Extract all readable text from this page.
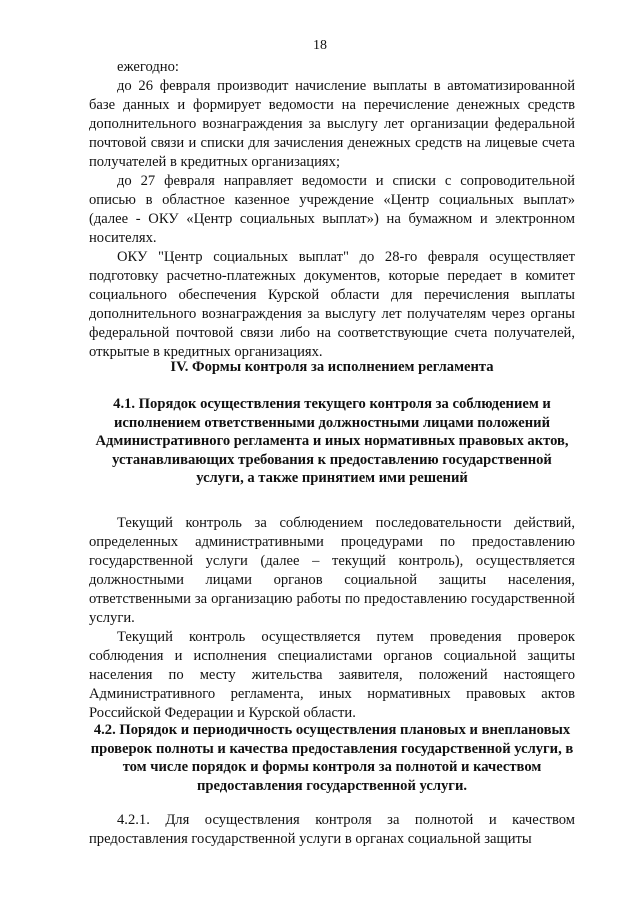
18

ежегодно:

до 26 февраля производит начисление выплаты в автоматизированной базе данных и формирует ведомости на перечисление денежных средств дополнительного вознаграждения за выслугу лет организации федеральной почтовой связи и списки для зачисления денежных средств на лицевые счета получателей в кредитных организациях;

до 27 февраля направляет ведомости и списки с сопроводительной описью в областное казенное учреждение «Центр социальных выплат» (далее - ОКУ «Центр социальных выплат») на бумажном и электронном носителях.

ОКУ "Центр социальных выплат" до 28-го февраля осуществляет подготовку расчетно-платежных документов, которые передает в комитет социального обеспечения Курской области для перечисления выплаты дополнительного вознаграждения за выслугу лет получателям через органы федеральной почтовой связи либо на соответствующие счета получателей, открытые в кредитных организациях.

IV. Формы контроля за исполнением регламента

4.1. Порядок осуществления текущего контроля за соблюдением и исполнением ответственными должностными лицами положений Административного регламента и иных нормативных правовых актов, устанавливающих требования к предоставлению государственной услуги, а также принятием ими решений

Текущий контроль за соблюдением последовательности действий, определенных административными процедурами по предоставлению государственной услуги (далее – текущий контроль), осуществляется должностными лицами органов социальной защиты населения, ответственными за организацию работы по предоставлению государственной услуги.

Текущий контроль осуществляется путем проведения проверок соблюдения и исполнения специалистами органов социальной защиты населения по месту жительства заявителя, положений настоящего Административного регламента, иных нормативных правовых актов Российской Федерации и Курской области.

4.2. Порядок и периодичность осуществления плановых и внеплановых проверок полноты и качества предоставления государственной услуги, в том числе порядок и формы контроля за полнотой и качеством предоставления государственной услуги.

4.2.1. Для осуществления контроля за полнотой и качеством предоставления государственной услуги в органах социальной защиты
